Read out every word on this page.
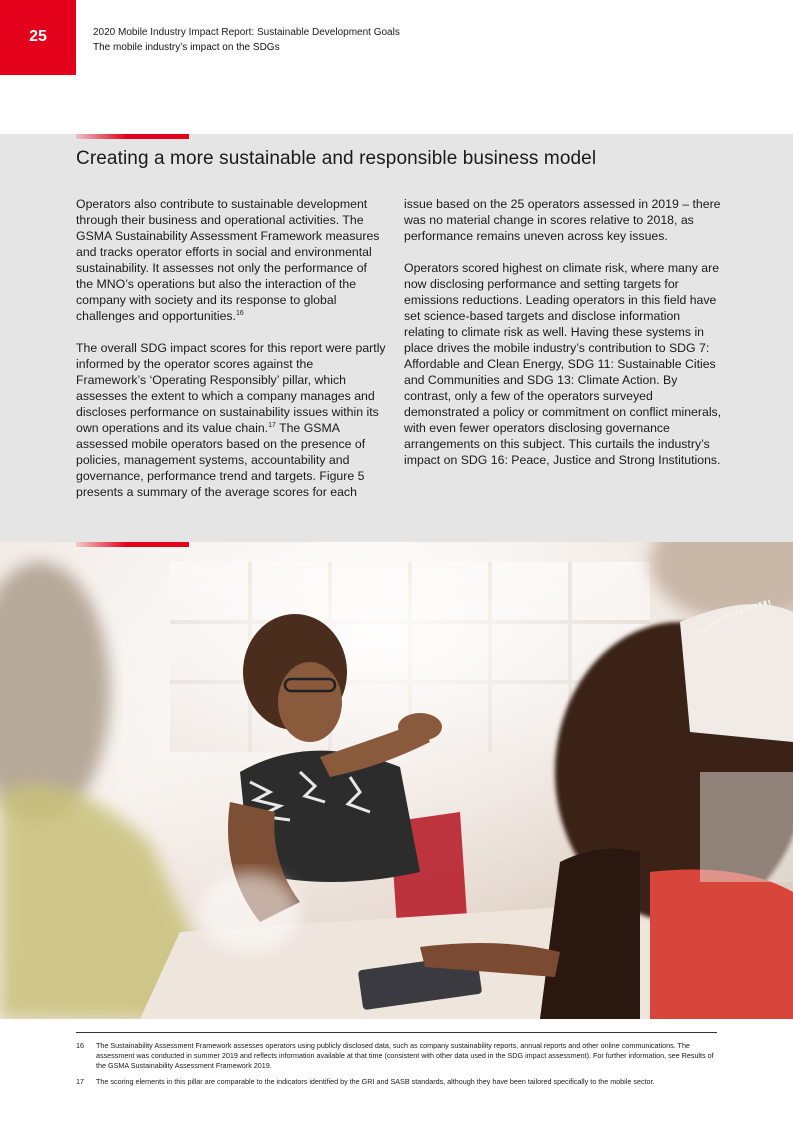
25	2020 Mobile Industry Impact Report: Sustainable Development Goals
The mobile industry’s impact on the SDGs
Creating a more sustainable and responsible business model

Operators also contribute to sustainable development through their business and operational activities. The GSMA Sustainability Assessment Framework measures and tracks operator efforts in social and environmental sustainability. It assesses not only the performance of the MNO’s operations but also the interaction of the company with society and its response to global challenges and opportunities.$^{16}$

The overall SDG impact scores for this report were partly informed by the operator scores against the Framework’s ‘Operating Responsibly’ pillar, which assesses the extent to which a company manages and discloses performance on sustainability issues within its own operations and its value chain.$^{17}$ The GSMA assessed mobile operators based on the presence of policies, management systems, accountability and governance, performance trend and targets. Figure 5 presents a summary of the average scores for each

issue based on the 25 operators assessed in 2019 – there was no material change in scores relative to 2018, as performance remains uneven across key issues.

Operators scored highest on climate risk, where many are now disclosing performance and setting targets for emissions reductions. Leading operators in this field have set science-based targets and disclose information relating to climate risk as well. Having these systems in place drives the mobile industry’s contribution to SDG 7: Affordable and Clean Energy, SDG 11: Sustainable Cities and Communities and SDG 13: Climate Action. By contrast, only a few of the operators surveyed demonstrated a policy or commitment on conflict minerals, with even fewer operators disclosing governance arrangements on this subject. This curtails the industry’s impact on SDG 16: Peace, Justice and Strong Institutions.

16	The Sustainability Assessment Framework assesses operators using publicly disclosed data, such as company sustainability reports, annual reports and other online communications. The assessment was conducted in summer 2019 and reflects information available at that time (consistent with other data used in the SDG impact assessment). For further information, see Results of the GSMA Sustainability Assessment Framework 2019.
17	The scoring elements in this pillar are comparable to the indicators identified by the GRI and SASB standards, although they have been tailored specifically to the mobile sector.
